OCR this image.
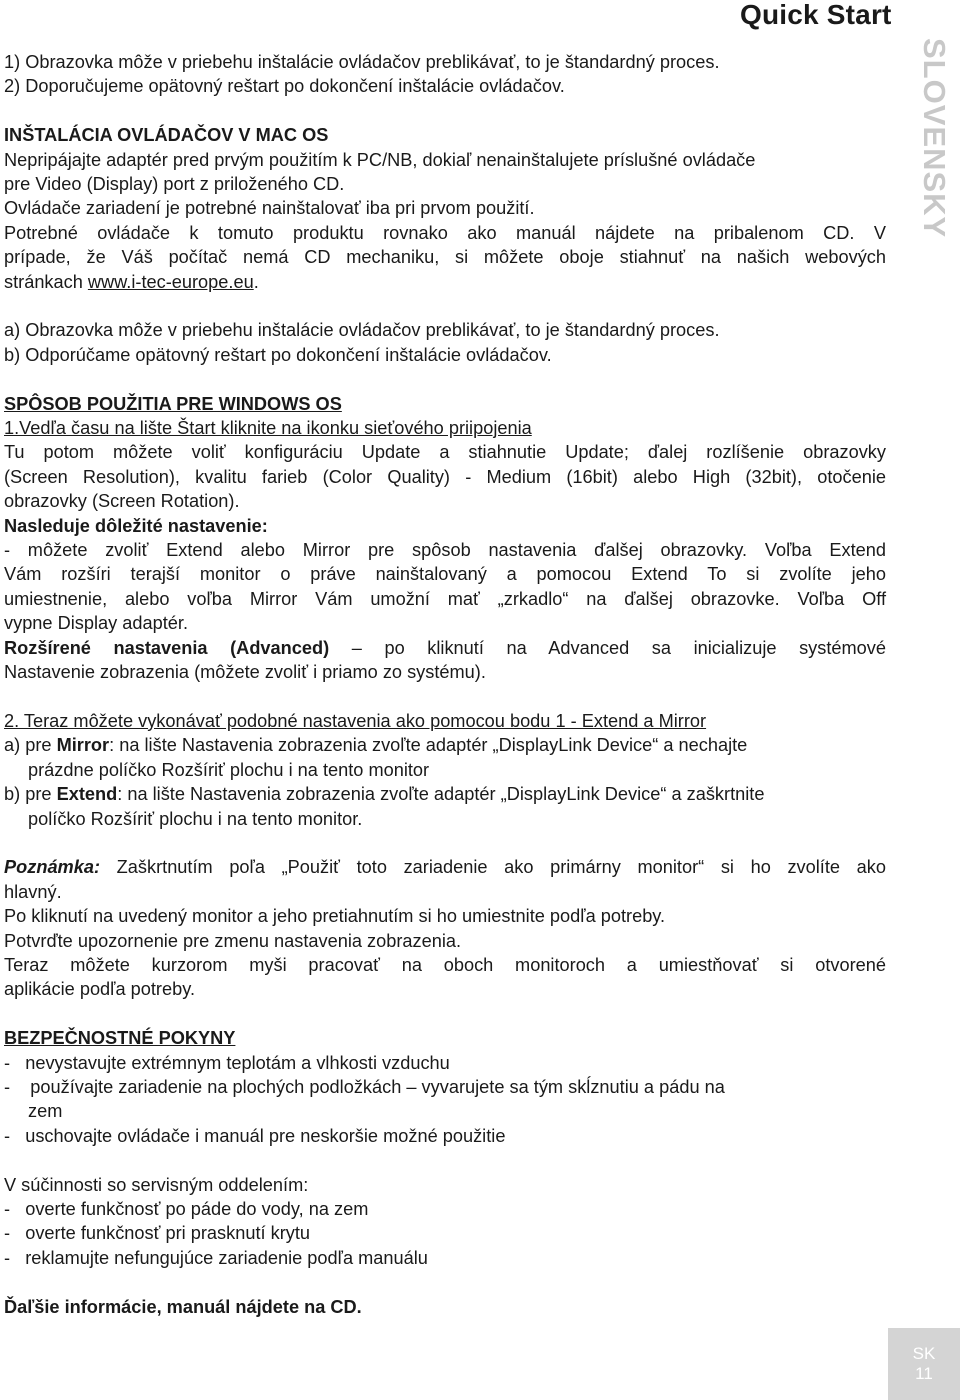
Quick Start
SLOVENSKY
1) Obrazovka môže v priebehu inštalácie ovládačov preblikávať, to je štandardný proces.
2) Doporučujeme opätovný reštart po dokončení inštalácie ovládačov.
INŠTALÁCIA OVLÁDAČOV V MAC OS
Nepripájajte adaptér pred prvým použitím k PC/NB, dokiaľ nenainštalujete príslušné ovládače
pre Video (Display) port z priloženého CD.
Ovládače zariadení je potrebné nainštalovať iba pri prvom použití.
Potrebné ovládače k tomuto produktu rovnako ako manuál nájdete na pribalenom CD. V
prípade, že Váš počítač nemá CD mechaniku, si môžete oboje stiahnuť na našich webových
stránkach www.i-tec-europe.eu.
a) Obrazovka môže v priebehu inštalácie ovládačov preblikávať, to je štandardný proces.
b) Odporúčame opätovný reštart po dokončení inštalácie ovládačov.
SPÔSOB POUŽITIA PRE WINDOWS OS
1.Vedľa času na lište Štart kliknite na ikonku sieťového priipojenia
Tu potom môžete voliť konfiguráciu Update a stiahnutie Update; ďalej rozlíšenie obrazovky
(Screen Resolution), kvalitu farieb (Color Quality) - Medium (16bit) alebo High (32bit), otočenie
obrazovky (Screen Rotation).
Nasleduje dôležité nastavenie:
- môžete zvoliť Extend alebo Mirror pre spôsob nastavenia ďalšej obrazovky. Voľba Extend
Vám rozšíri terajší monitor o práve nainštalovaný a pomocou Extend To si zvolíte jeho
umiestnenie, alebo voľba Mirror Vám umožní mať „zrkadlo“ na ďalšej obrazovke. Voľba Off
vypne Display adaptér.
Rozšírené nastavenia (Advanced) – po kliknutí na Advanced sa inicializuje systémové
Nastavenie zobrazenia (môžete zvoliť i priamo zo systému).
2. Teraz môžete vykonávať podobné nastavenia ako pomocou bodu 1 - Extend a Mirror
a) pre Mirror: na lište Nastavenia zobrazenia zvoľte adaptér „DisplayLink Device“ a nechajte
prázdne políčko Rozšíriť plochu i na tento monitor
b) pre Extend: na lište Nastavenia zobrazenia zvoľte adaptér „DisplayLink Device“ a zaškrtnite
políčko Rozšíriť plochu i na tento monitor.
Poznámka: Zaškrtnutím poľa „Použiť toto zariadenie ako primárny monitor“ si ho zvolíte ako
hlavný.
Po kliknutí na uvedený monitor a jeho pretiahnutím si ho umiestnite podľa potreby.
Potvrďte upozornenie pre zmenu nastavenia zobrazenia.
Teraz môžete kurzorom myši pracovať na oboch monitoroch a umiestňovať si otvorené
aplikácie podľa potreby.
BEZPEČNOSTNÉ POKYNY
-   nevystavujte extrémnym teplotám a vlhkosti vzduchu
-    používajte zariadenie na plochých podložkách – vyvarujete sa tým skĺznutiu a pádu na
zem
-   uschovajte ovládače i manuál pre neskoršie možné použitie
V súčinnosti so servisným oddelením:
-   overte funkčnosť po páde do vody, na zem
-   overte funkčnosť pri prasknutí krytu
-   reklamujte nefungujúce zariadenie podľa manuálu
Ďaľšie informácie, manuál nájdete na CD.
SK
11
